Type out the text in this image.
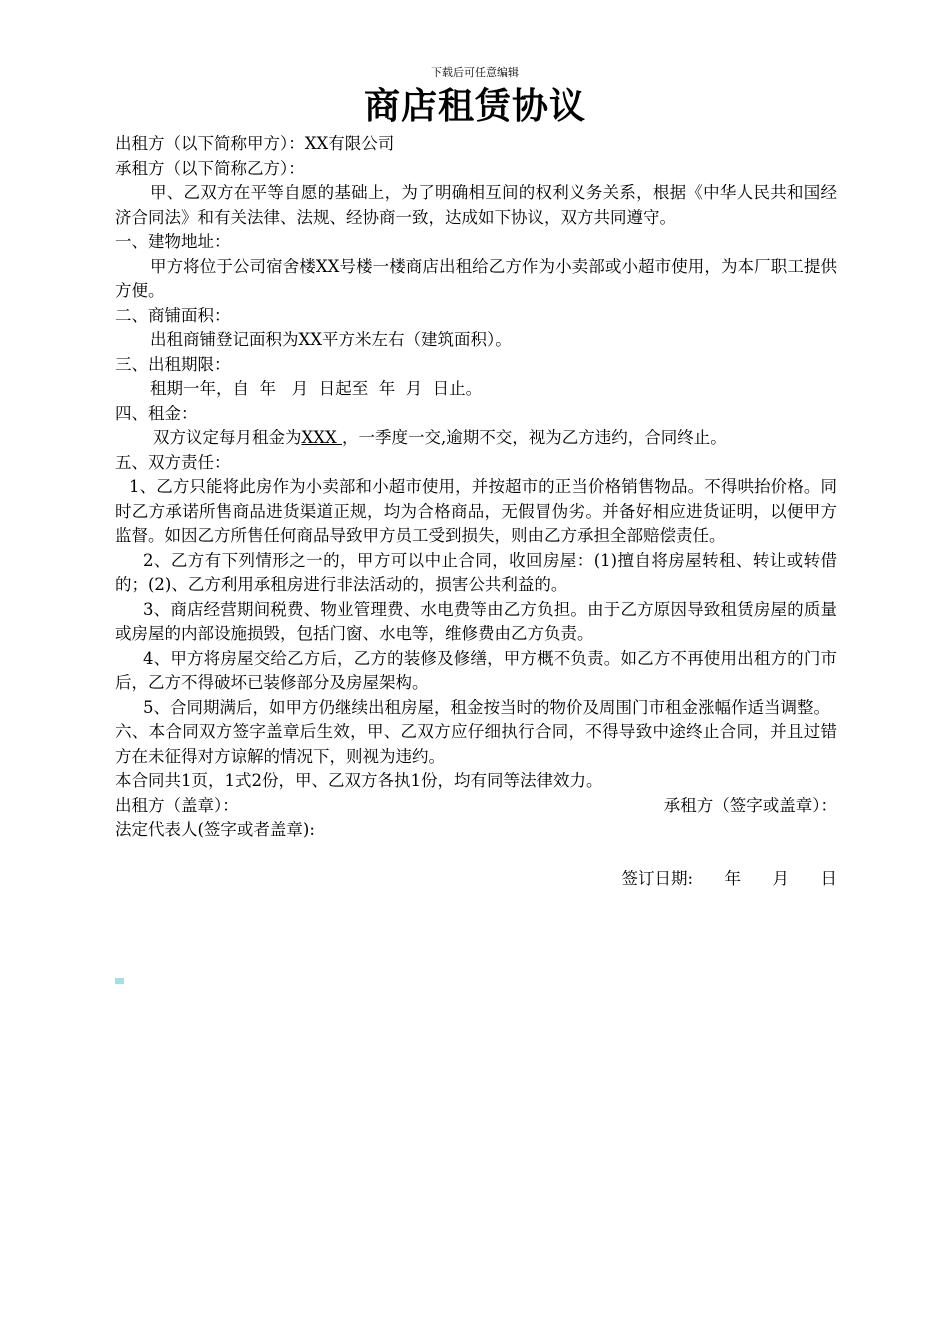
下载后可任意编辑
商店租赁协议

出租方（以下简称甲方）：XX有限公司

承租方（以下简称乙方）：

甲、乙双方在平等自愿的基础上，为了明确相互间的权利义务关系，根据《中华人民共和国经济合同法》和有关法律、法规、经协商一致，达成如下协议，双方共同遵守。

一、建物地址：

甲方将位于公司宿舍楼XX号楼一楼商店出租给乙方作为小卖部或小超市使用，为本厂职工提供方便。

二、商铺面积：

出租商铺登记面积为XX平方米左右（建筑面积）。

三、出租期限：

租期一年，自  年   月  日起至  年  月  日止。

四、租金：

双方议定每月租金为XXX ，一季度一交,逾期不交，视为乙方违约，合同终止。

五、双方责任：

1、乙方只能将此房作为小卖部和小超市使用，并按超市的正当价格销售物品。不得哄抬价格。同时乙方承诺所售商品进货渠道正规，均为合格商品，无假冒伪劣。并备好相应进货证明，以便甲方监督。如因乙方所售任何商品导致甲方员工受到损失，则由乙方承担全部赔偿责任。

2、乙方有下列情形之一的，甲方可以中止合同，收回房屋：(1)擅自将房屋转租、转让或转借的；(2)、乙方利用承租房进行非法活动的，损害公共利益的。

3、商店经营期间税费、物业管理费、水电费等由乙方负担。由于乙方原因导致租赁房屋的质量或房屋的内部设施损毁，包括门窗、水电等，维修费由乙方负责。

4、甲方将房屋交给乙方后，乙方的装修及修缮，甲方概不负责。如乙方不再使用出租方的门市后，乙方不得破坏已装修部分及房屋架构。

5、合同期满后，如甲方仍继续出租房屋，租金按当时的物价及周围门市租金涨幅作适当调整。

六、本合同双方签字盖章后生效，甲、乙双方应仔细执行合同，不得导致中途终止合同，并且过错方在未征得对方谅解的情况下，则视为违约。

本合同共1页，1式2份，甲、乙双方各执1份，均有同等法律效力。

出租方（盖章）：	承租方（签字或盖章）：

法定代表人(签字或者盖章):

签订日期:
年
月
日
